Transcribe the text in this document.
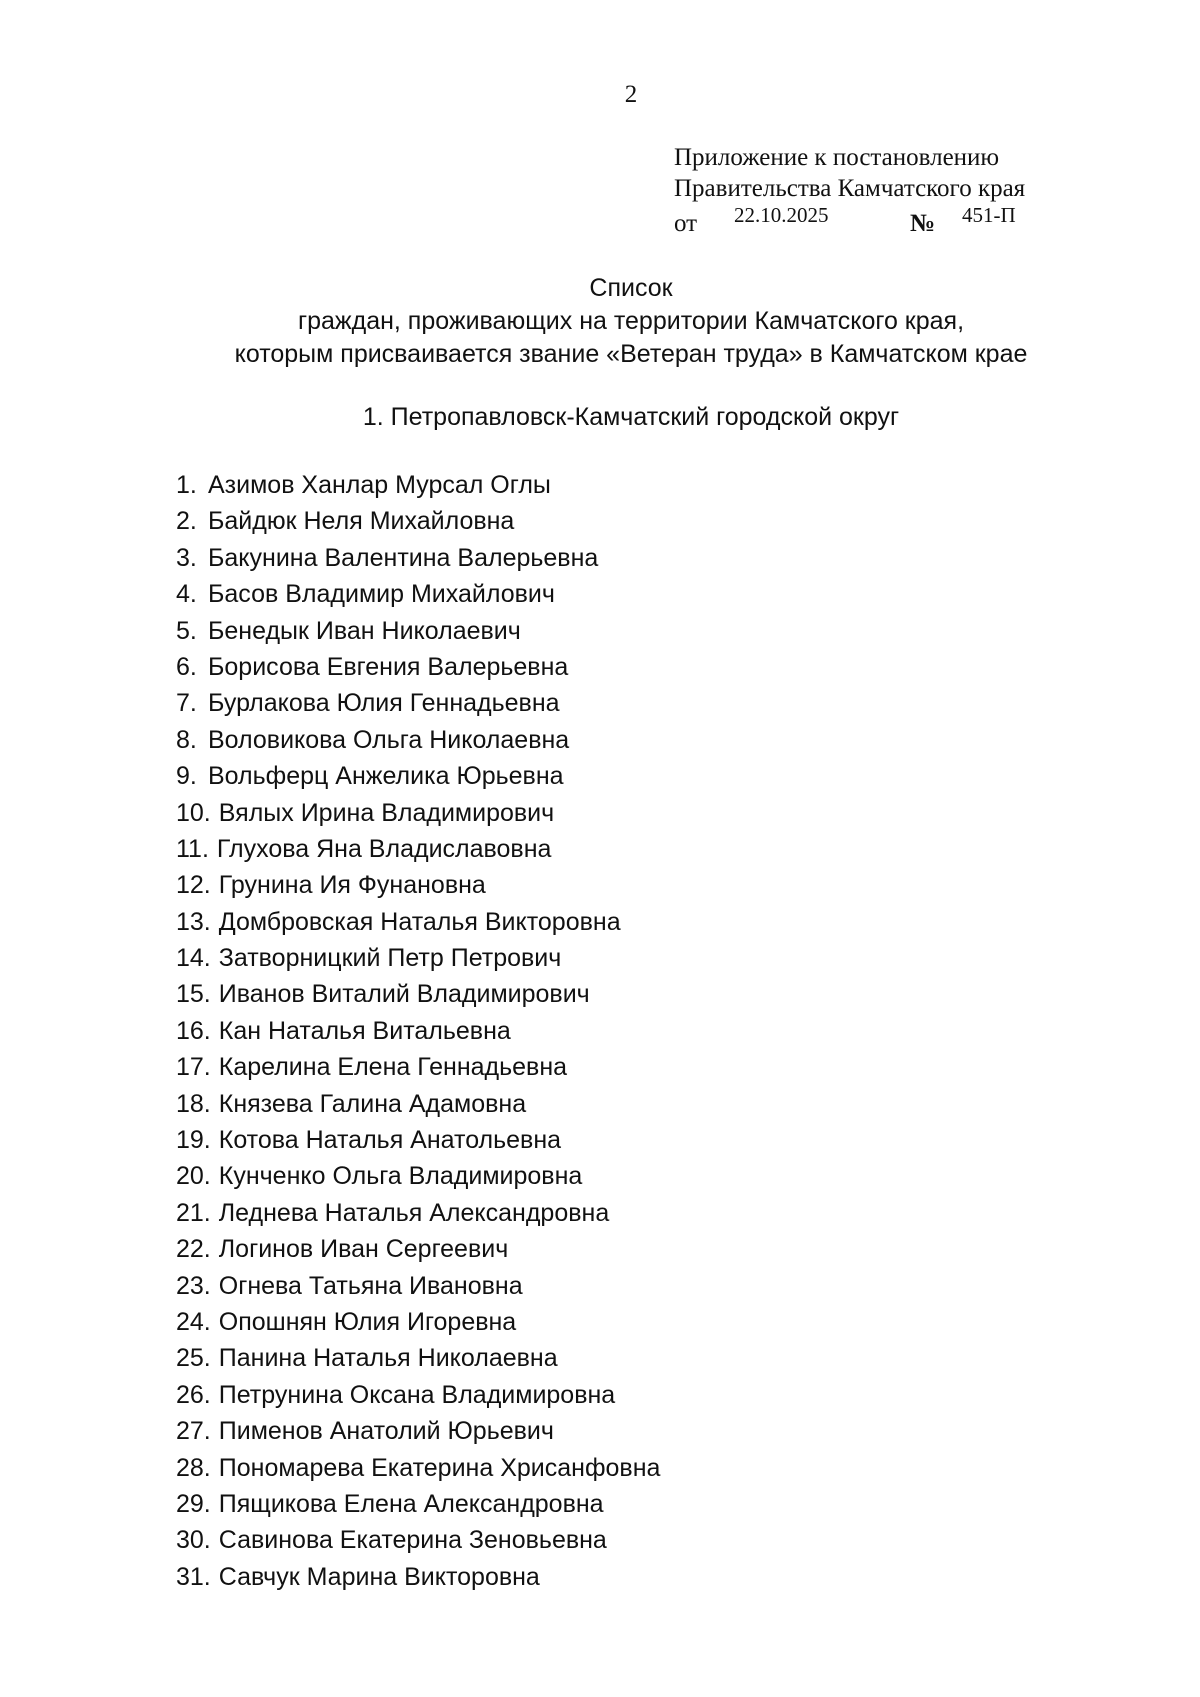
2
Приложение к постановлению
Правительства Камчатского края
от 22.10.2025	№ 451-П
Список
граждан, проживающих на территории Камчатского края,
которым присваивается звание «Ветеран труда» в Камчатском крае
1. Петропавловск-Камчатский городской округ
1. Азимов Ханлар Мурсал Оглы
2. Байдюк Неля Михайловна
3. Бакунина Валентина Валерьевна
4. Басов Владимир Михайлович
5. Бенедык Иван Николаевич
6. Борисова Евгения Валерьевна
7. Бурлакова Юлия Геннадьевна
8. Воловикова Ольга Николаевна
9. Вольферц Анжелика Юрьевна
10. Вялых Ирина Владимирович
11. Глухова Яна Владиславовна
12. Грунина Ия Фунановна
13. Домбровская Наталья Викторовна
14. Затворницкий Петр Петрович
15. Иванов Виталий Владимирович
16. Кан Наталья Витальевна
17. Карелина Елена Геннадьевна
18. Князева Галина Адамовна
19. Котова Наталья Анатольевна
20. Кунченко Ольга Владимировна
21. Леднева Наталья Александровна
22. Логинов Иван Сергеевич
23. Огнева Татьяна Ивановна
24. Опошнян Юлия Игоревна
25. Панина Наталья Николаевна
26. Петрунина Оксана Владимировна
27. Пименов Анатолий Юрьевич
28. Пономарева Екатерина Хрисанфовна
29. Пящикова Елена Александровна
30. Савинова Екатерина Зеновьевна
31. Савчук Марина Викторовна
